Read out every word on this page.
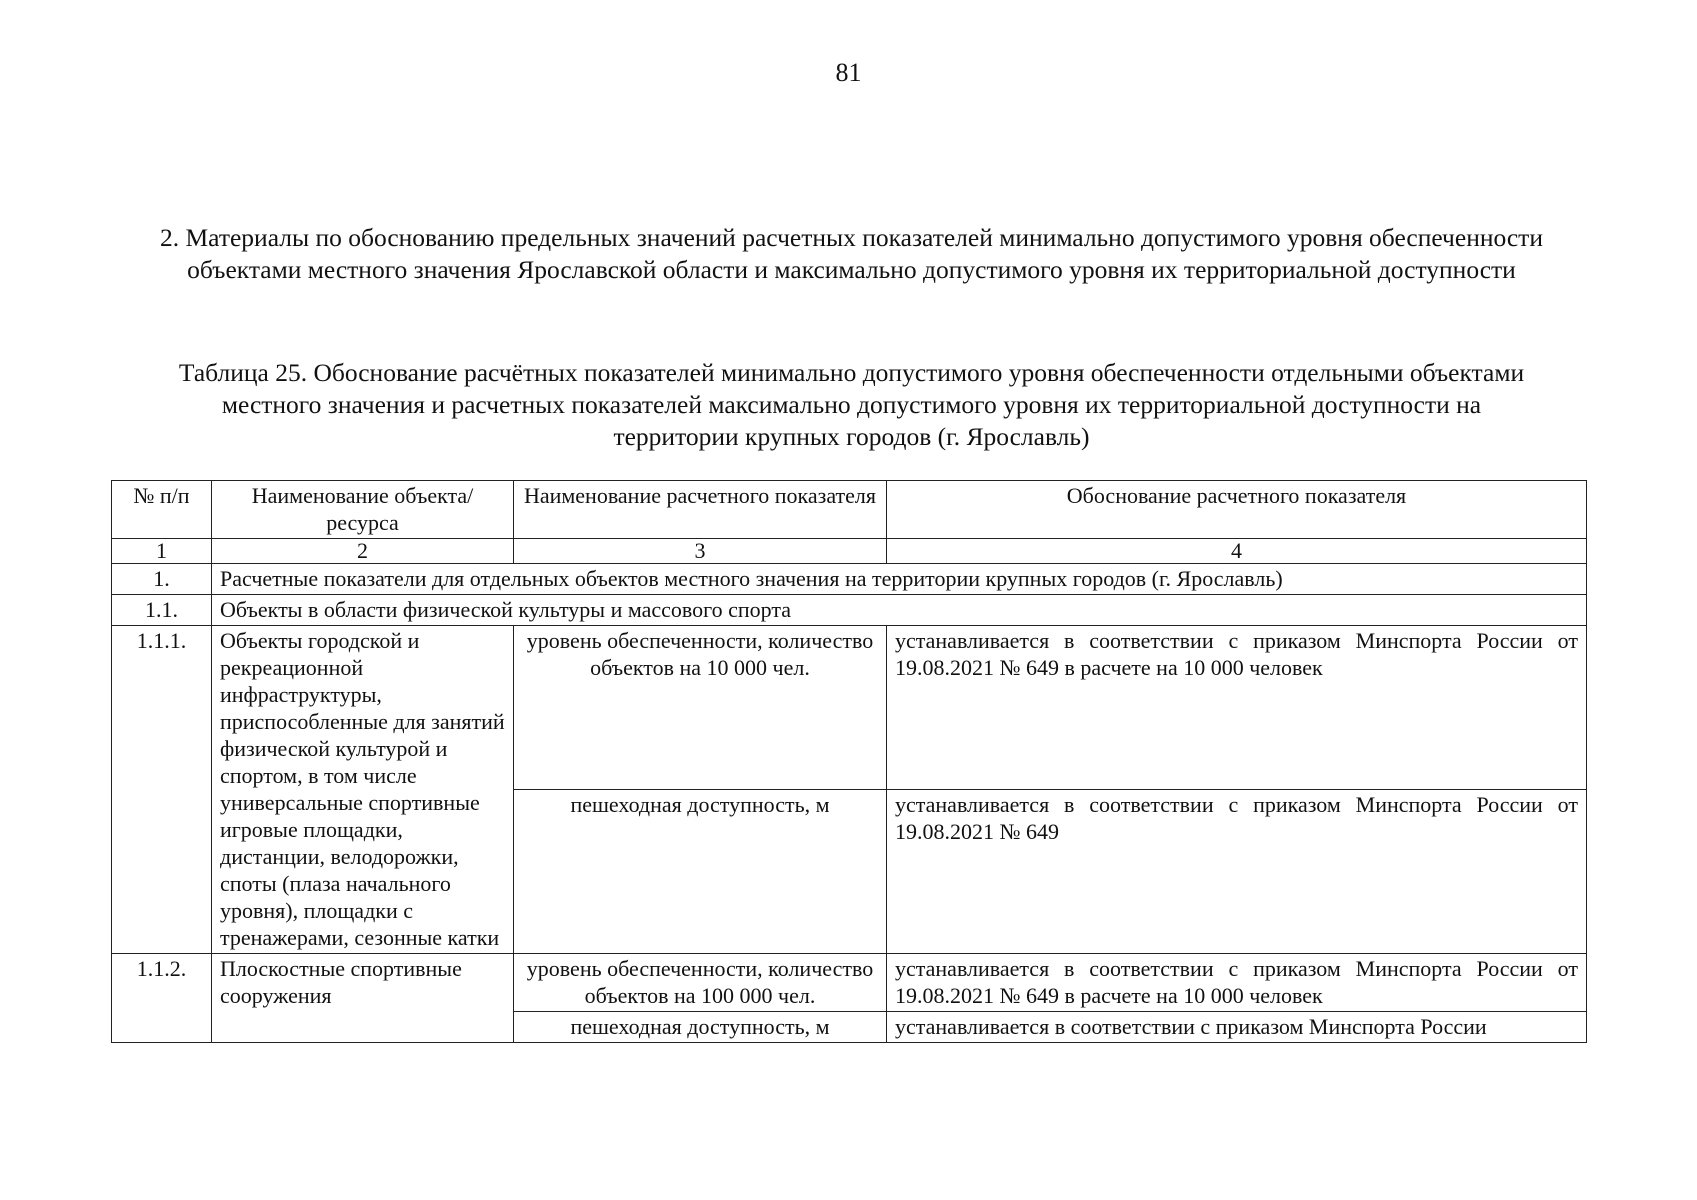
81
2. Материалы по обоснованию предельных значений расчетных показателей минимально допустимого уровня обеспеченности объектами местного значения Ярославской области и максимально допустимого уровня их территориальной доступности
Таблица 25. Обоснование расчётных показателей минимально допустимого уровня обеспеченности отдельными объектами местного значения и расчетных показателей максимально допустимого уровня их территориальной доступности на территории крупных городов (г. Ярославль)
№ п/п	Наименование объекта/ресурса	Наименование расчетного показателя	Обоснование расчетного показателя
1	2	3	4
1.	Расчетные показатели для отдельных объектов местного значения на территории крупных городов (г. Ярославль)		
1.1.	Объекты в области физической культуры и массового спорта		
1.1.1.	Объекты городской и рекреационной инфраструктуры, приспособленные для занятий физической культурой и спортом, в том числе универсальные спортивные игровые площадки, дистанции, велодорожки, споты (плаза начального уровня), площадки с тренажерами, сезонные катки	уровень обеспеченности, количество объектов на 10 000 чел.	устанавливается в соответствии с приказом Минспорта России от 19.08.2021 № 649 в расчете на 10 000 человек
		пешеходная доступность, м	устанавливается в соответствии с приказом Минспорта России от 19.08.2021 № 649
1.1.2.	Плоскостные спортивные сооружения	уровень обеспеченности, количество объектов на 100 000 чел.	устанавливается в соответствии с приказом Минспорта России от 19.08.2021 № 649 в расчете на 10 000 человек
		пешеходная доступность, м	устанавливается в соответствии с приказом Минспорта России
